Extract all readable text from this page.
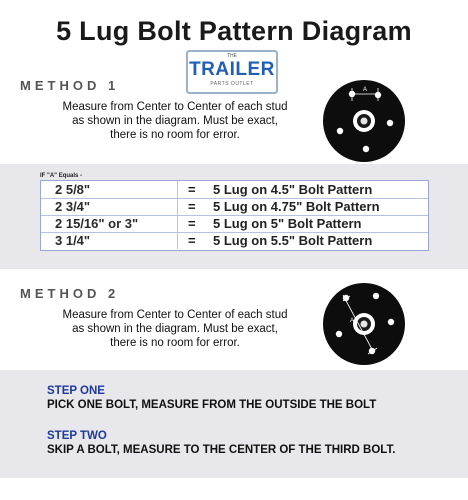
5 Lug Bolt Pattern Diagram
METHOD 1
THE
TRAILER
PARTS OUTLET
Measure from Center to Center of each stud
as shown in the diagram. Must be exact,
there is no room for error.
A
IF "A" Equals -
2 5/8"	=	5 Lug on 4.5" Bolt Pattern
2 3/4"	=	5 Lug on 4.75" Bolt Pattern
2 15/16" or 3"	=	5 Lug on 5" Bolt Pattern
3 1/4"	=	5 Lug on 5.5" Bolt Pattern
METHOD 2
Measure from Center to Center of each stud
as shown in the diagram. Must be exact,
there is no room for error.
A
STEP ONE
PICK ONE BOLT, MEASURE FROM THE OUTSIDE THE BOLT
STEP TWO
SKIP A BOLT, MEASURE TO THE CENTER OF THE THIRD BOLT.
